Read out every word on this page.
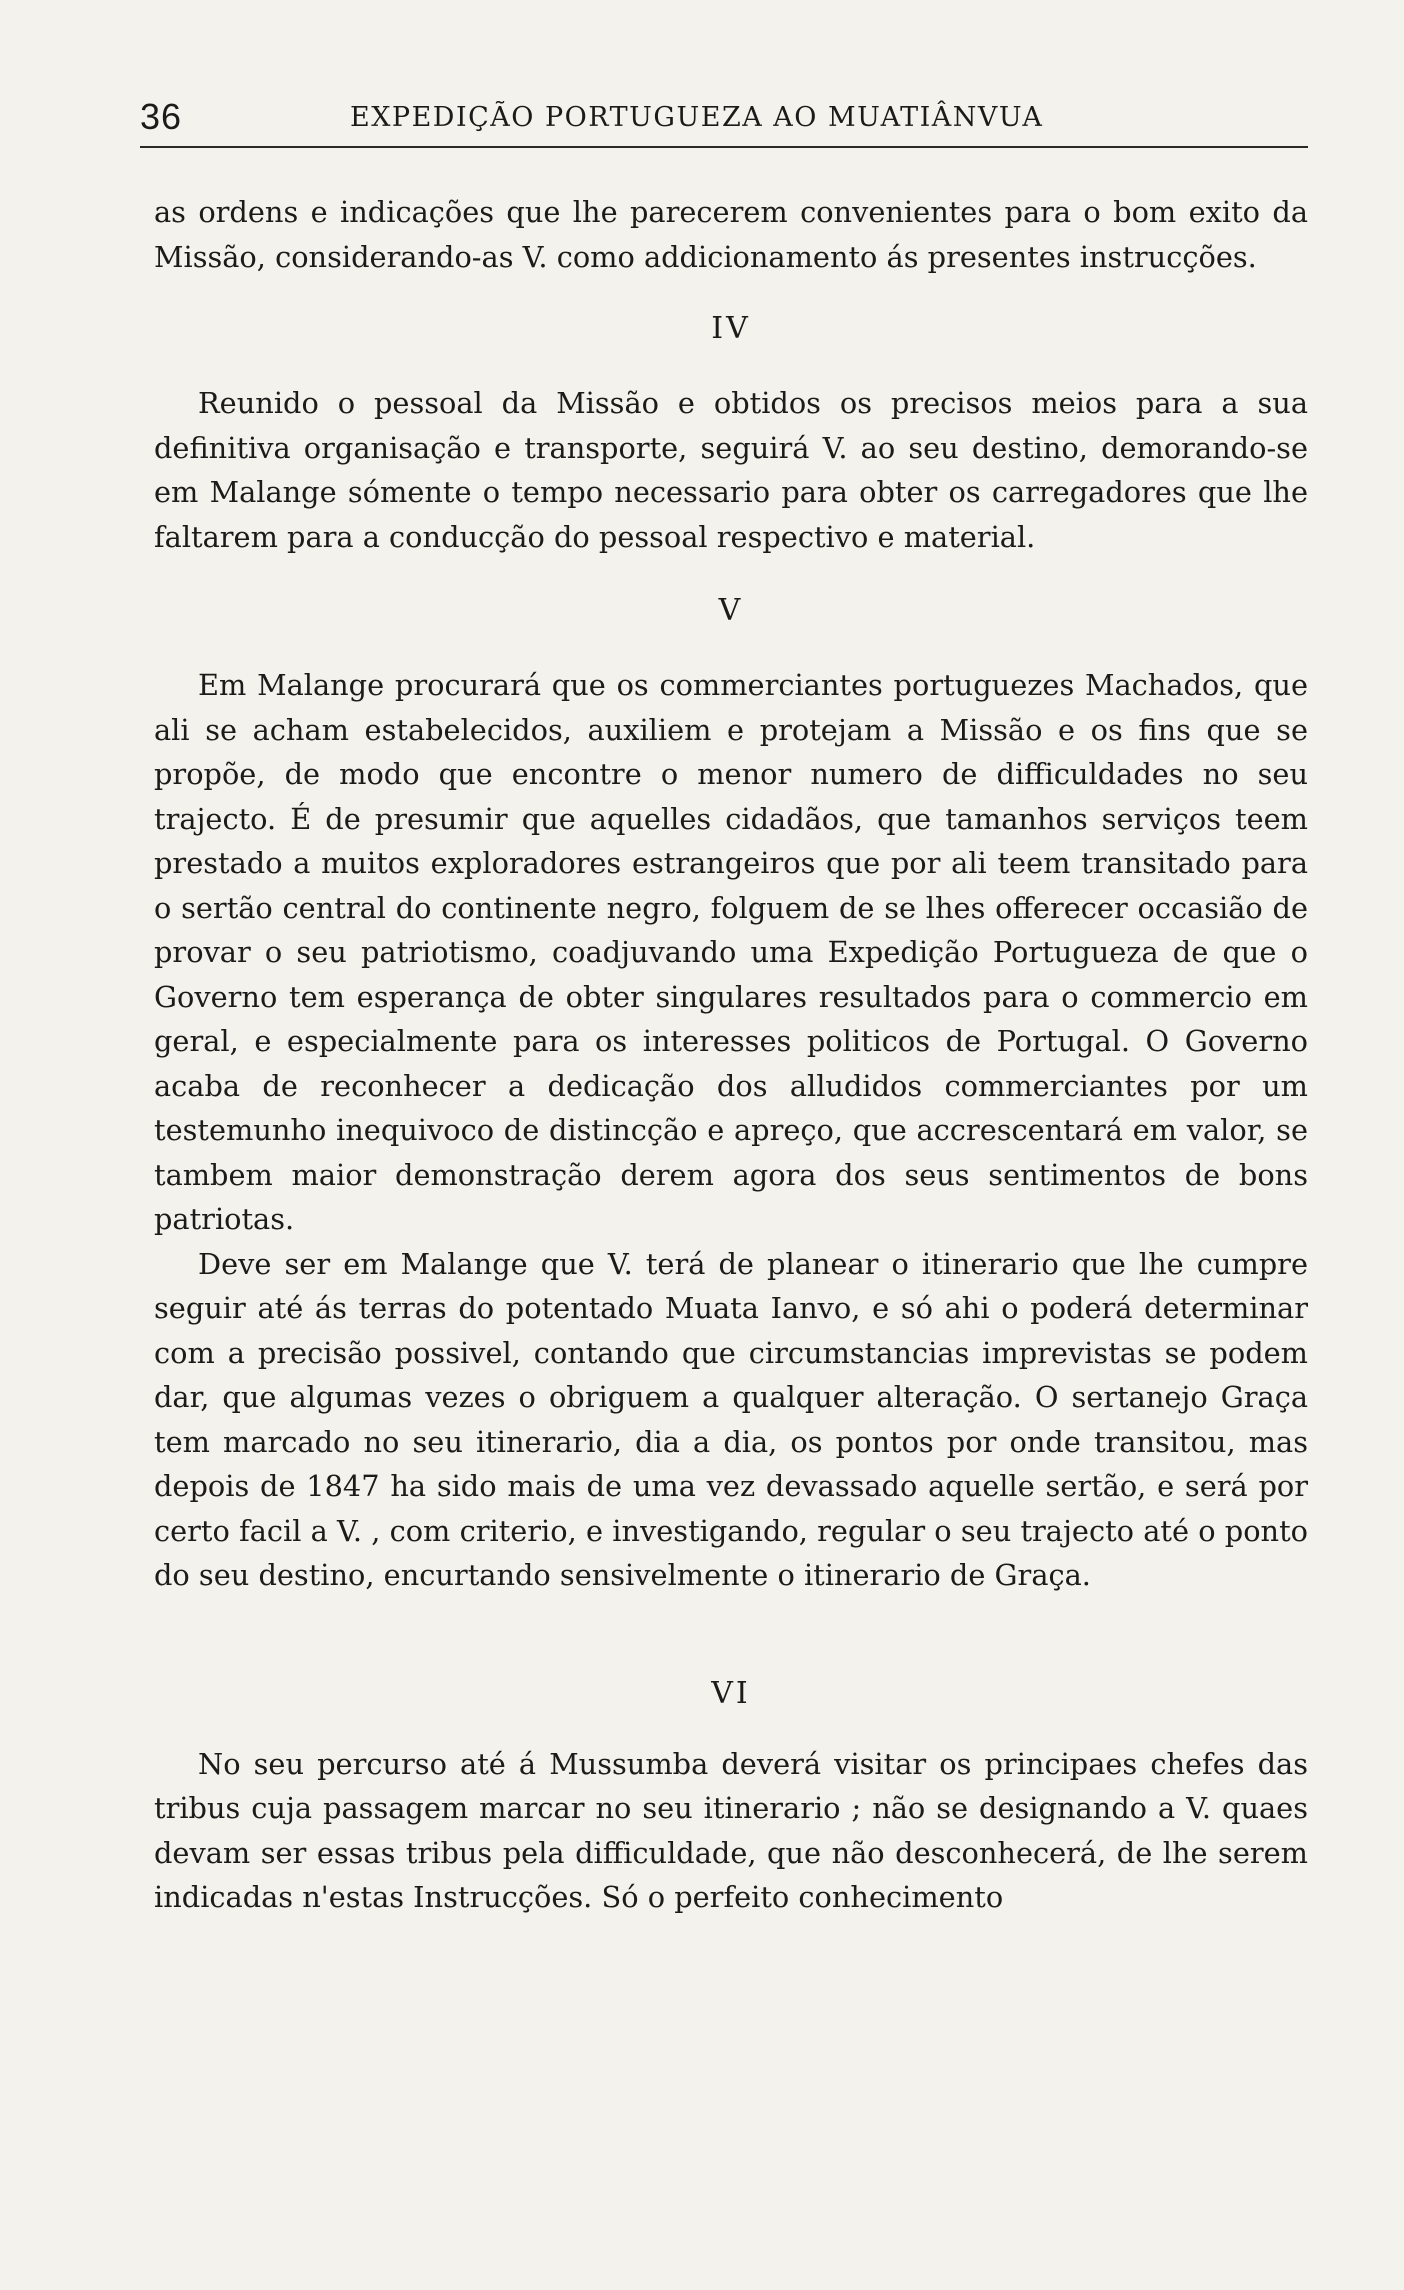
36	EXPEDIÇÃO PORTUGUEZA AO MUATIÂNVUA

as ordens e indicações que lhe parecerem convenientes para o bom exito da Missão, considerando-as V. como addicionamento ás presentes instrucções.

IV

Reunido o pessoal da Missão e obtidos os precisos meios para a sua definitiva organisação e transporte, seguirá V. ao seu destino, demorando-se em Malange sómente o tempo necessario para obter os carregadores que lhe faltarem para a conducção do pessoal respectivo e material.

V

Em Malange procurará que os commerciantes portuguezes Machados, que ali se acham estabelecidos, auxiliem e protejam a Missão e os fins que se propõe, de modo que encontre o menor numero de difficuldades no seu trajecto. É de presumir que aquelles cidadãos, que tamanhos serviços teem prestado a muitos exploradores estrangeiros que por ali teem transitado para o sertão central do continente negro, folguem de se lhes offerecer occasião de provar o seu patriotismo, coadjuvando uma Expedição Portugueza de que o Governo tem esperança de obter singulares resultados para o commercio em geral, e especialmente para os interesses politicos de Portugal. O Governo acaba de reconhecer a dedicação dos alludidos commerciantes por um testemunho inequivoco de distincção e apreço, que accrescentará em valor, se tambem maior demonstração derem agora dos seus sentimentos de bons patriotas.

Deve ser em Malange que V. terá de planear o itinerario que lhe cumpre seguir até ás terras do potentado Muata Ianvo, e só ahi o poderá determinar com a precisão possivel, contando que circumstancias imprevistas se podem dar, que algumas vezes o obriguem a qualquer alteração. O sertanejo Graça tem marcado no seu itinerario, dia a dia, os pontos por onde transitou, mas depois de 1847 ha sido mais de uma vez devassado aquelle sertão, e será por certo facil a V. , com criterio, e investigando, regular o seu trajecto até o ponto do seu destino, encurtando sensivelmente o itinerario de Graça.

VI

No seu percurso até á Mussumba deverá visitar os principaes chefes das tribus cuja passagem marcar no seu itinerario ; não se designando a V. quaes devam ser essas tribus pela difficuldade, que não desconhecerá, de lhe serem indicadas n'estas Instrucções. Só o perfeito conhecimento
